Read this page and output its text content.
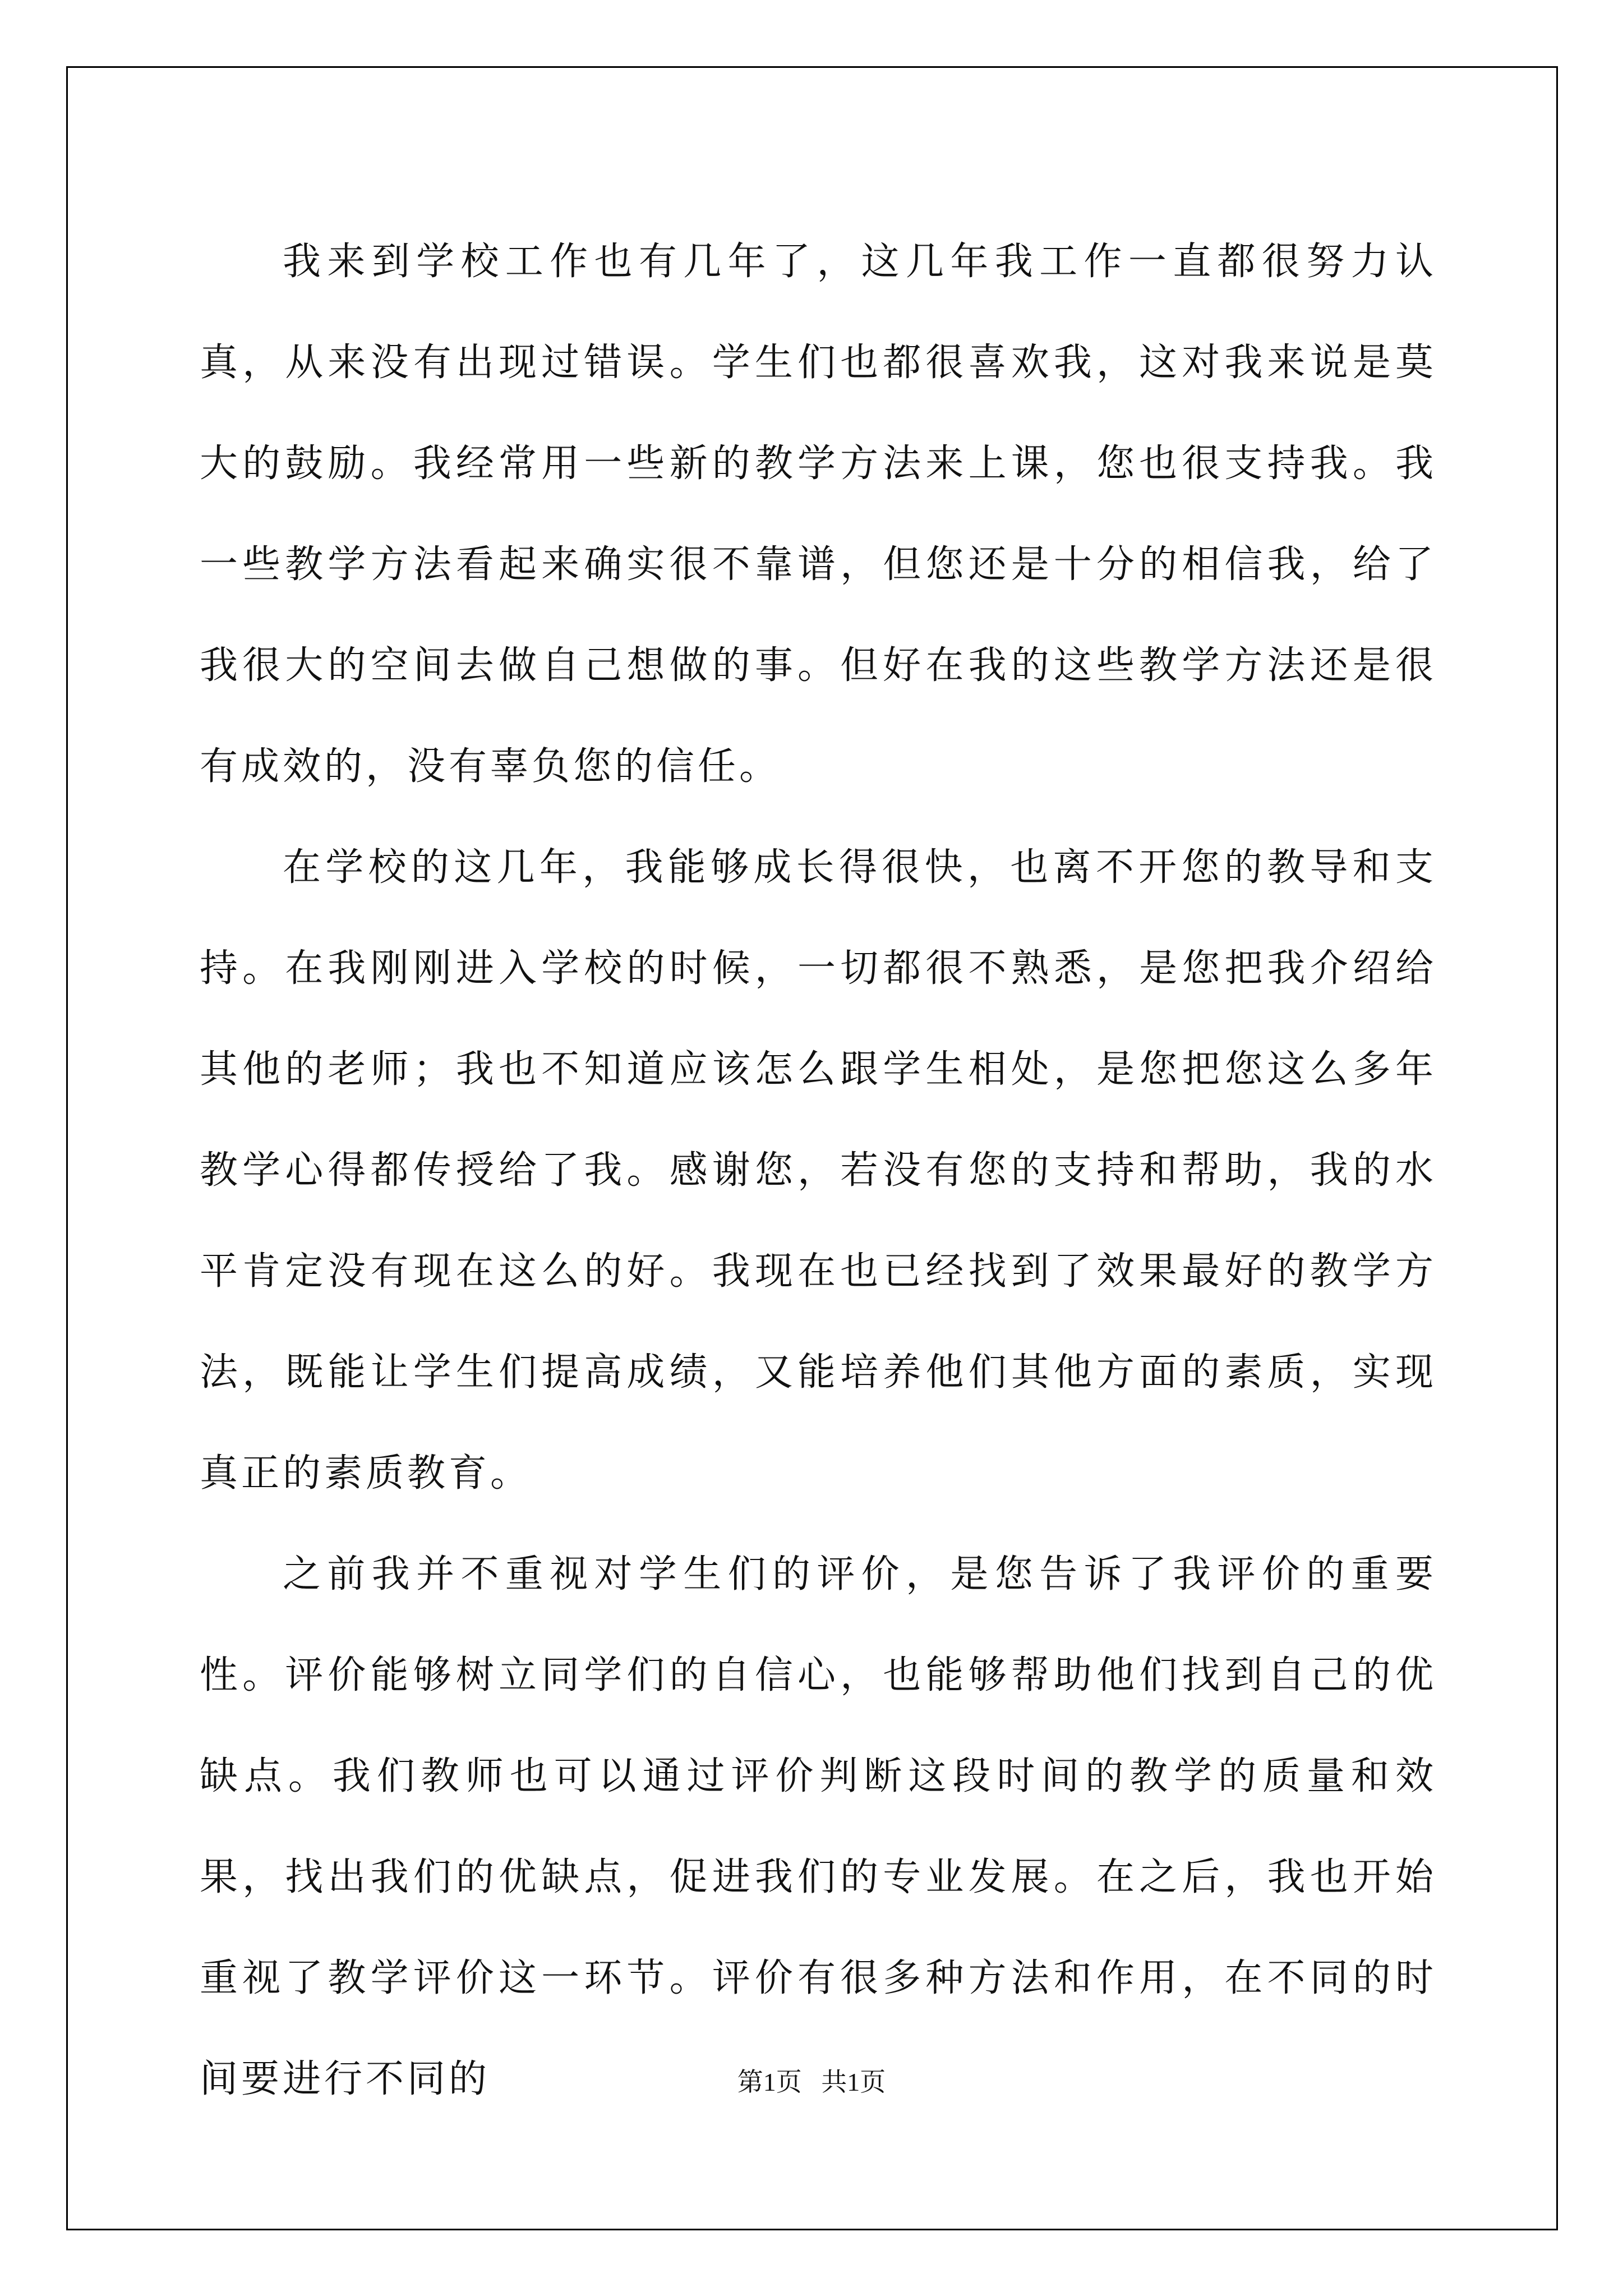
我来到学校工作也有几年了，这几年我工作一直都很努力认真，从来没有出现过错误。学生们也都很喜欢我，这对我来说是莫大的鼓励。我经常用一些新的教学方法来上课，您也很支持我。我一些教学方法看起来确实很不靠谱，但您还是十分的相信我，给了我很大的空间去做自己想做的事。但好在我的这些教学方法还是很有成效的，没有辜负您的信任。

在学校的这几年，我能够成长得很快，也离不开您的教导和支持。在我刚刚进入学校的时候，一切都很不熟悉，是您把我介绍给其他的老师；我也不知道应该怎么跟学生相处，是您把您这么多年教学心得都传授给了我。感谢您，若没有您的支持和帮助，我的水平肯定没有现在这么的好。我现在也已经找到了效果最好的教学方法，既能让学生们提高成绩，又能培养他们其他方面的素质，实现真正的素质教育。

之前我并不重视对学生们的评价，是您告诉了我评价的重要性。评价能够树立同学们的自信心，也能够帮助他们找到自己的优缺点。我们教师也可以通过评价判断这段时间的教学的质量和效果，找出我们的优缺点，促进我们的专业发展。在之后，我也开始重视了教学评价这一环节。评价有很多种方法和作用，在不同的时间要进行不同的	第1页   共1页
